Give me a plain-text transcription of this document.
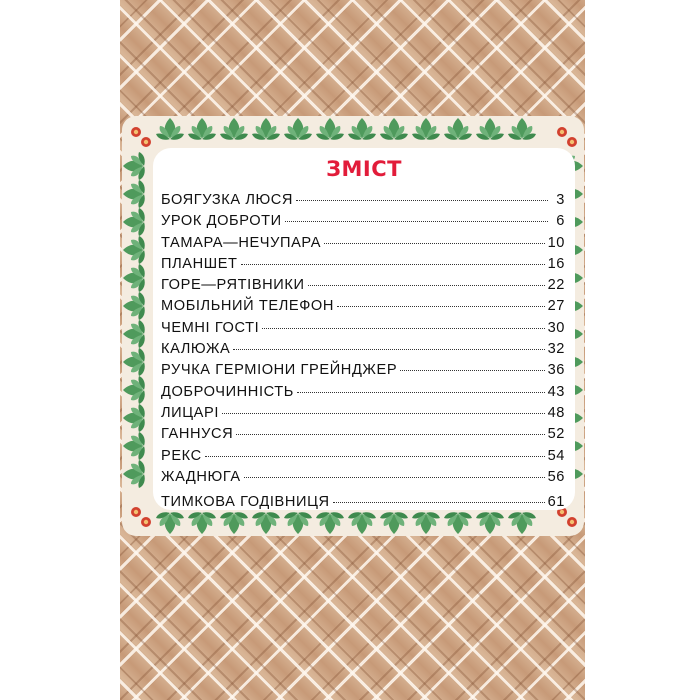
ЗМІСТ
БОЯГУЗКА ЛЮСЯ	3
УРОК ДОБРОТИ	6
ТАМАРА—НЕЧУПАРА	10
ПЛАНШЕТ	16
ГОРЕ—РЯТІВНИКИ	22
МОБІЛЬНИЙ ТЕЛЕФОН	27
ЧЕМНІ ГОСТІ	30
КАЛЮЖА	32
РУЧКА ГЕРМІОНИ ГРЕЙНДЖЕР	36
ДОБРОЧИННІСТЬ	43
ЛИЦАРІ	48
ГАННУСЯ	52
РЕКС	54
ЖАДНЮГА	56
ТИМКОВА ГОДІВНИЦЯ	61
